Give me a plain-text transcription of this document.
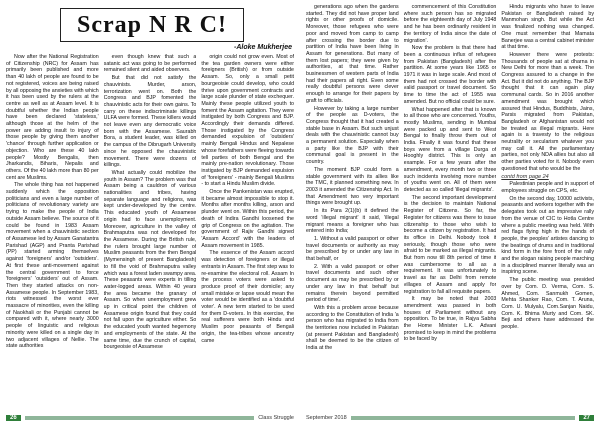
Scrap N R C!
-Aloke Mukherjee

Now after the National Registration of Citizenship (NRC) for Assam has primarily been published and more than 40 lakh of people are found to be not registered, voices are being raised by all opposing the anxieties with which it has been used by the rulers at the centre as well as at Assam level. It is doubtful whether the Indian people have been declared 'stateless,' although those at the helm of the power are adding insult to injury of those people by giving them another 'chance' through further application or objection. Who are these 40 lakh people? Mostly Bengalis, then Jharkandis, Biharis, Nepalis and others. Of the 40 lakh more than 80 per cent are Muslims.

The whole thing has not happened suddenly which the opposition politicians and even a large number of politicians of revolutionary variety are trying to make the people of India outside Assam believe. The source of it could be found in 1983 Assam movement when a chauvinistic section of Assamese led by Assam Ganatantra Parishad (AGP) and Pranta Parishad (PP) started arming themselves against 'foreigners' and/or 'outsiders'. At first these anti-movement against the central government to force 'foreigners' 'outsiders' out of Assam. Then they started attacks on non-Assamese people. In September 1983, riots witnessed the worst ever massacre of minorities, even the killing of Naokhali or the Punjabi cannot be compared with it, where nearly 3000 people of linguistic and religious minority were killed on a single day in two adjacent villages of Nellie. The state authorities

even though knew that such a satanic act was going to be performed remained silent and aided observers.

But that did not satisfy the chauvinists. Murder, arson, terrorization went on. Both the Congress and BJP fomented the chauvinistic acts for their own gains. To carry on these indiscriminate killings ULFA were formed. These killers would not leave even any democratic voice born with the Assamese. Saurabh Bora, a student leader, was killed on the campus of the Dibrugarh University since he opposed the chauvinistic movement. There were dozens of killings.

What actually could mobilize the youth in Assam? The problem was that Assam being a cauldron of various nationalities and tribes, having separate language and religions, was kept under-developed by the centre. This educated youth of Assamese origin had to face unemployment. Moreover, agriculture in the valley of Brahmaputra was not developed for the Assamese. During the British rule, the rulers brought large number of Muslim peasants from the then Bengal (Mymensingh of present Bangladesh) to fill the void of Brahmaputra valley which was a forest laden swampy area. These peasants were experts in tilling water-logged areas. Within 40 years the area became the granary of Assam. So when unemployment grew up in critical point the children of Assamese origin found that they could not fall upon the agriculture either. So the educated youth wanted hegemony and employments of the state. At the same time, due the crunch of capital, bourgeoisie of Assamese

origin could not grow even. Most of the tea garden owners were either foreigners (British) or from outside Assam. So, only a small petit bourgeoisie could develop, who could thrive upon government contracts and large scale plunder of state exchequer. Mainly these people utilized youth to foment the Assam agitation. They were instigated by both Congress and BJP. Accordingly their demands differed. Those instigated by the Congress demanded expulsion of 'outsiders' mainly Bengali Hindus and Nepalese whose forefathers were fleeing towards tell parties of both Bengal and the mainly pre-nation revolutionary. Those instigated by BJP demanded expulsion of 'foreigners' - mainly Bengali Muslims - to start a Hindu Muslim divide.

Once the Pankenistan was erupted, it became almost impossible to stop it. Months after months killing, arson and plunder went on. Within this period, the death of Indira Gandhi loosened the grip of Congress on the agitation. The government of Rajiv Gandhi signed 'Assam Accord' with the leaders of Assam movement in 1985.

The essence of the Assam accord was detection of foreigners or illegal entrants in Assam. The first step was to re-examine the electoral roll. Assam In the process voters were asked to produce proof of their domicile; any small mistake or lapse would mean the voter would be identified as a 'doubtful voter'. A new term started to be used for them D-voters. In this exercise, the real sufferers were both Hindu and Muslim poor peasants of Bengali origin, the tea-tribes whose ancestry came

26	Class Struggle

generations ago when the gardens started. They did not have proper land rights or other proofs of domicile. Moreover, those refugees who were poor and moved from camp to camp after crossing the border due to partition of India have been living in Assam for generations. But many of them lost papers; they were given by authorities, at that time. Rather businessmen of western parts of India had their papers all right. Even some really doubtful persons were clever enough to arrange for their papers by graft to officials.

However by taking a large number of the people as D-voters, the Congress thought that it had created a stable base in Assam. But such unjust deals with the chauvinistic cannot buy a permanent solution. Especially when a party like the BJP with their communal goal is present in the country.

The moment BJP could form a stable government with its allies like the TMC, it planned something new. In 2003 it amended the Citizenship Act. In that Amendment two very important things were brought up.

In its Para 2(1)(b) it defined the word 'illegal migrant' it said, 'illegal migrant means a foreigner who has entered into India;

1. Without a valid passport or other travel documents or authority as may be prescribed by or under any law in that behalf, or

2. With a valid passport or other travel documents and such other document as may be prescribed by or under any law in that behalf but remains therein beyond permitted period of time'.

With this a problem arose because according to the Constitution of India 'a person who has migrated to India from the territories now included in Pakistan (at present Pakistan and Bangladesh) shall be deemed to be the citizen of India at the

commencement of this Constitution where such person has so migrated before the eighteenth day of July 1948 and he has been ordinarily resident in the territory of India since the date of migration'.

Now the problem is that there had been a continuous influx of refugees from Pakistan (Bangladesh) after the partition. At some years like 1965 or 1971 it was in large scale. And most of them had not crossed the border with valid passport or travel document. So time to time the act of 1955 was amended. But no official could be sure.

What happened after that is known to all those who are concerned. Youths, mostly Muslims, sending in Mumbai were packed up and sent to West Bengal to finally throw them out of India. Finally it was found that these boys were from a village Durga of Hooghly district. This is only an example. For a few years after the amendment, every month two or three such incidents involving more number of youths went on. All of them were detected as so called 'illegal migrants'.

The second important development is the decision to maintain National Register of Citizens. So far, the Register for citizens was there to issue citizenship to those who wish to become a citizen by registration. It had its office in Delhi. Nobody took it seriously, though those who were afraid to be marked as illegal migrants. But from now till 8th period of time it was cumbersome to all as a requirement. It was unfortunately to travel as far as Delhi from remote villages of Assam and apply for registration to fall all requisite papers.

It may be noted that 2003 amendment was passed in both houses of Parliament without any opposition. To be true, in Rajya Sabha the Home Minister L.K. Advani promised to keep in mind the problems to be faced by

Hindu migrants who have to leave Pakistan or Bangladesh raised by Manmohan singh. But while the Act was finalized nothing was changed. One must remember that Mamata Banerjee was a central cabinet minister at that time.

However there were protests: Thousands of people sat at dharna in New Delhi for more than a week. The Congress assured to a change in the Act. But it did not do anything. The BJP thought that it can again play communal cards. So in 2016 another amendment was brought which assured that Hindus, Buddhists, Jains, Parsis migrated from Pakistan, Bangladesh or Afghanistan would not be treated as illegal migrants. Here again is a travesty to the religious neutrality or secularism whatever you may call it. All the parliamentary parties, not only NDA allies but also all other parties voted for it. Nobody even questioned that who would be the

contd from page 24

Palestinian people and in support of employees struggle on CPS, etc.

On the second day, 10000 activists, peasants and workers together with the delegates took out an impressive rally from the venue of CIC to Hotla Centre where a public meeting was held. With red flags flying high in the hands of people, the peoples' artistes dancing to the beatings of drums and in traditional kind form in the fore front of the rally and the slogan raising people marching in a disciplined manner literally was an inspiring scene.

The public meeting was presided over by Com. D. Verma, Com. S. Ahmed, Com. Sanmukh Gomen, Mehta Shanker Rao, Com. T. Aruna, Com. U. Mulyalu, Com.Sanjan Naidu, Com. K. Bhima Murty and Com. SK. Beji and others have addressed the people.

September 2018	27
